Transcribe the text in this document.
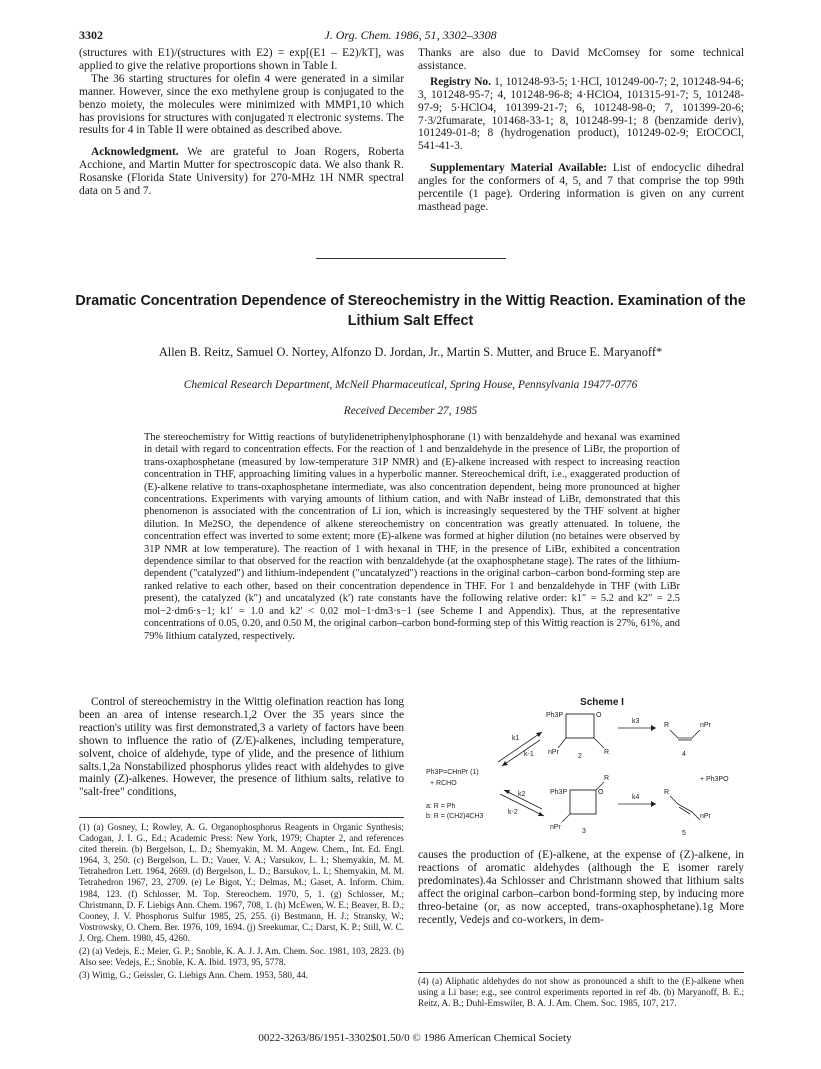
3302	J. Org. Chem. 1986, 51, 3302–3308

(structures with E1)/(structures with E2) = exp[(E1 – E2)/kT], was applied to give the relative proportions shown in Table I.

The 36 starting structures for olefin 4 were generated in a similar manner. However, since the exo methylene group is conjugated to the benzo moiety, the molecules were minimized with MMP1,10 which has provisions for structures with conjugated π electronic systems. The results for 4 in Table II were obtained as described above.

Acknowledgment. We are grateful to Joan Rogers, Roberta Acchione, and Martin Mutter for spectroscopic data. We also thank R. Rosanske (Florida State University) for 270-MHz 1H NMR spectral data on 5 and 7.

Thanks are also due to David McComsey for some technical assistance.

Registry No. 1, 101248-93-5; 1·HCl, 101249-00-7; 2, 101248-94-6; 3, 101248-95-7; 4, 101248-96-8; 4·HClO4, 101315-91-7; 5, 101248-97-9; 5·HClO4, 101399-21-7; 6, 101248-98-0; 7, 101399-20-6; 7·3/2fumarate, 101468-33-1; 8, 101248-99-1; 8 (benzamide deriv), 101249-01-8; 8 (hydrogenation product), 101249-02-9; EtOCOCl, 541-41-3.

Supplementary Material Available: List of endocyclic dihedral angles for the conformers of 4, 5, and 7 that comprise the top 99th percentile (1 page). Ordering information is given on any current masthead page.

Dramatic Concentration Dependence of Stereochemistry in the Wittig Reaction. Examination of the Lithium Salt Effect
Allen B. Reitz, Samuel O. Nortey, Alfonzo D. Jordan, Jr., Martin S. Mutter, and Bruce E. Maryanoff*
Chemical Research Department, McNeil Pharmaceutical, Spring House, Pennsylvania 19477-0776
Received December 27, 1985
The stereochemistry for Wittig reactions of butylidenetriphenylphosphorane (1) with benzaldehyde and hexanal was examined in detail with regard to concentration effects. For the reaction of 1 and benzaldehyde in the presence of LiBr, the proportion of trans-oxaphosphetane (measured by low-temperature 31P NMR) and (E)-alkene increased with respect to increasing reaction concentration in THF, approaching limiting values in a hyperbolic manner. Stereochemical drift, i.e., exaggerated production of (E)-alkene relative to trans-oxaphosphetane intermediate, was also concentration dependent, being more pronounced at higher concentrations. Experiments with varying amounts of lithium cation, and with NaBr instead of LiBr, demonstrated that this phenomenon is associated with the concentration of Li ion, which is increasingly sequestered by the THF solvent at higher dilution. In Me2SO, the dependence of alkene stereochemistry on concentration was greatly attenuated. In toluene, the concentration effect was inverted to some extent; more (E)-alkene was formed at higher dilution (no betaines were observed by 31P NMR at low temperature). The reaction of 1 with hexanal in THF, in the presence of LiBr, exhibited a concentration dependence similar to that observed for the reaction with benzaldehyde (at the oxaphosphetane stage). The rates of the lithium-dependent ("catalyzed") and lithium-independent ("uncatalyzed") reactions in the original carbon–carbon bond-forming step are ranked relative to each other, based on their concentration dependence in THF. For 1 and benzaldehyde in THF (with LiBr present), the catalyzed (k″) and uncatalyzed (k′) rate constants have the following relative order: k1″ = 5.2 and k2″ = 2.5 mol−2·dm6·s−1; k1′ = 1.0 and k2′ < 0.02 mol−1·dm3·s−1 (see Scheme I and Appendix). Thus, at the representative concentrations of 0.05, 0.20, and 0.50 M, the original carbon–carbon bond-forming step of this Wittig reaction is 27%, 61%, and 79% lithium catalyzed, respectively.

Control of stereochemistry in the Wittig olefination reaction has long been an area of intense research.1,2 Over the 35 years since the reaction's utility was first demonstrated,3 a variety of factors have been shown to influence the ratio of (Z/E)-alkenes, including temperature, solvent, choice of aldehyde, type of ylide, and the presence of lithium salts.1,2a Nonstabilized phosphorus ylides react with aldehydes to give mainly (Z)-alkenes. However, the presence of lithium salts, relative to "salt-free" conditions,

(1) (a) Gosney, I.; Rowley, A. G. Organophosphorus Reagents in Organic Synthesis; Cadogan, J. I. G., Ed.; Academic Press: New York, 1979; Chapter 2, and references cited therein. (b) Bergelson, L. D.; Shemyakin, M. M. Angew. Chem., Int. Ed. Engl. 1964, 3, 250. (c) Bergelson, L. D.; Vauer, V. A.; Varsukov, L. I.; Shemyakin, M. M. Tetrahedron Lett. 1964, 2669. (d) Bergelson, L. D.; Barsukov, L. I.; Shemyakin, M. M. Tetrahedron 1967, 23, 2709. (e) Le Bigot, Y.; Delmas, M.; Gaset, A. Inform. Chim. 1984, 123. (f) Schlosser, M. Top. Stereochem. 1970, 5, 1. (g) Schlosser, M.; Christmann, D. F. Liebigs Ann. Chem. 1967, 708, 1. (h) McEwen, W. E.; Beaver, B. D.; Cooney, J. V. Phosphorus Sulfur 1985, 25, 255. (i) Bestmann, H. J.; Stransky, W.; Vostrowsky, O. Chem. Ber. 1976, 109, 1694. (j) Sreekumar, C.; Darst, K. P.; Still, W. C. J. Org. Chem. 1980, 45, 4260.

(2) (a) Vedejs, E.; Meier, G. P.; Snoble, K. A. J. J. Am. Chem. Soc. 1981, 103, 2823. (b) Also see: Vedejs, E.; Snoble, K. A. Ibid. 1973, 95, 5778.

(3) Wittig, G.; Geissler, G. Liebigs Ann. Chem. 1953, 580, 44.

Scheme I
Ph3P=CHnPr (1)
+ RCHO
k1
k-1
k2
k-2
Ph3P	O
R
nPr
2
k3
R	nPr
4
+ Ph3PO
Ph3P	O
R
nPr
3
k4
R
nPr
5
a: R = Ph
b: R = (CH2)4CH3

causes the production of (E)-alkene, at the expense of (Z)-alkene, in reactions of aromatic aldehydes (although the E isomer rarely predominates).4a Schlosser and Christmann showed that lithium salts affect the original carbon–carbon bond-forming step, by inducing more threo-betaine (or, as now accepted, trans-oxaphosphetane).1g More recently, Vedejs and co-workers, in dem-

(4) (a) Aliphatic aldehydes do not show as pronounced a shift to the (E)-alkene when using a Li base; e.g., see control experiments reported in ref 4b. (b) Maryanoff, B. E.; Reitz, A. B.; Duhl-Emswiler, B. A. J. Am. Chem. Soc. 1985, 107, 217.

0022-3263/86/1951-3302$01.50/0 © 1986 American Chemical Society
